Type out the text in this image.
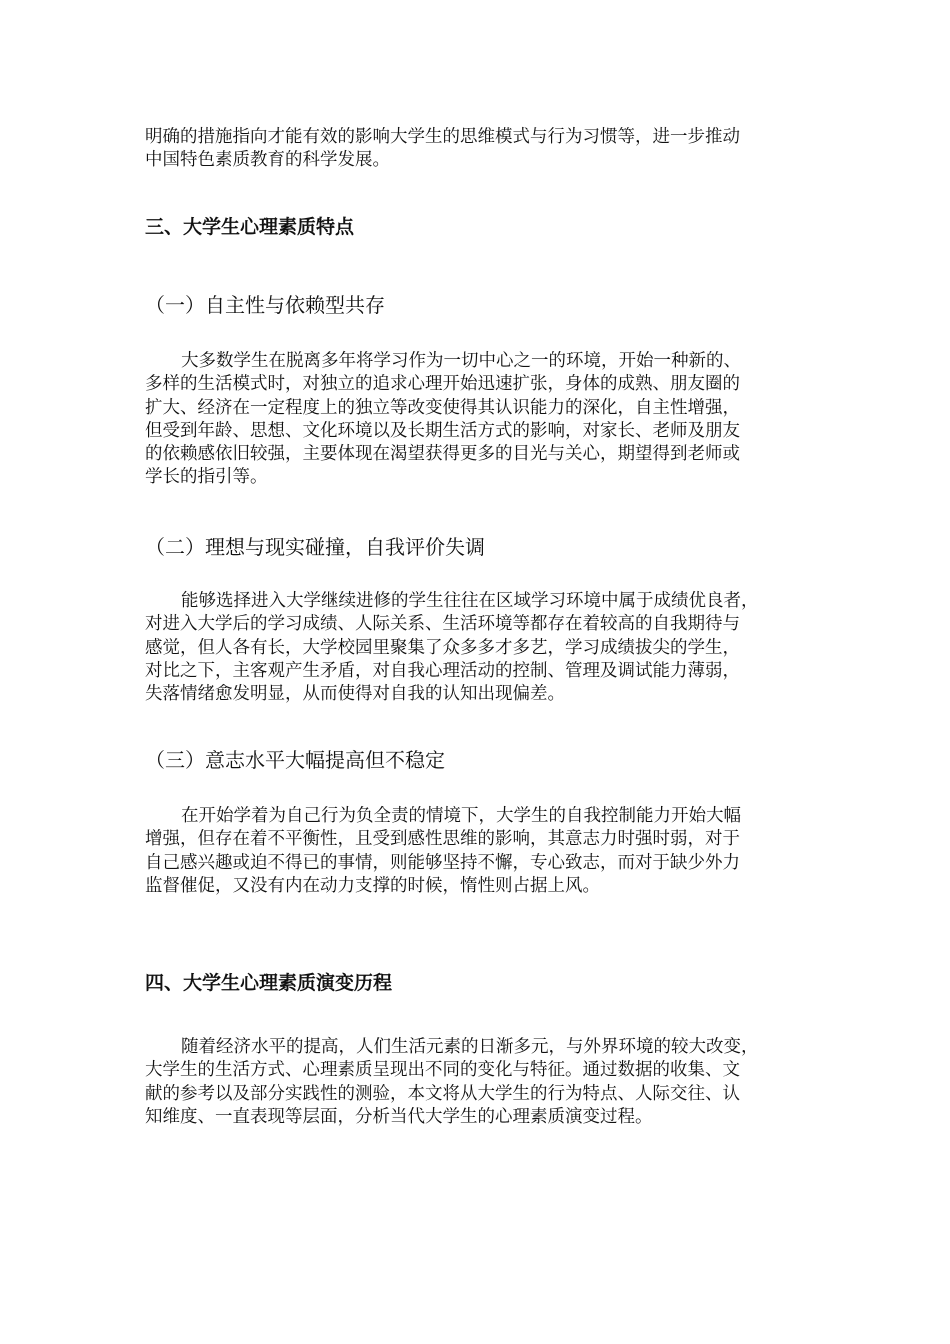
明确的措施指向才能有效的影响大学生的思维模式与行为习惯等，进一步推动
中国特色素质教育的科学发展。
三、大学生心理素质特点
（一）自主性与依赖型共存
大多数学生在脱离多年将学习作为一切中心之一的环境，开始一种新的、
多样的生活模式时，对独立的追求心理开始迅速扩张，身体的成熟、朋友圈的
扩大、经济在一定程度上的独立等改变使得其认识能力的深化，自主性增强，
但受到年龄、思想、文化环境以及长期生活方式的影响，对家长、老师及朋友
的依赖感依旧较强，主要体现在渴望获得更多的目光与关心，期望得到老师或
学长的指引等。
（二）理想与现实碰撞，自我评价失调
能够选择进入大学继续进修的学生往往在区域学习环境中属于成绩优良者，
对进入大学后的学习成绩、人际关系、生活环境等都存在着较高的自我期待与
感觉，但人各有长，大学校园里聚集了众多多才多艺，学习成绩拔尖的学生，
对比之下，主客观产生矛盾，对自我心理活动的控制、管理及调试能力薄弱，
失落情绪愈发明显，从而使得对自我的认知出现偏差。
（三）意志水平大幅提高但不稳定
在开始学着为自己行为负全责的情境下，大学生的自我控制能力开始大幅
增强，但存在着不平衡性，且受到感性思维的影响，其意志力时强时弱，对于
自己感兴趣或迫不得已的事情，则能够坚持不懈，专心致志，而对于缺少外力
监督催促，又没有内在动力支撑的时候，惰性则占据上风。
四、大学生心理素质演变历程
随着经济水平的提高，人们生活元素的日渐多元，与外界环境的较大改变，
大学生的生活方式、心理素质呈现出不同的变化与特征。通过数据的收集、文
献的参考以及部分实践性的测验，本文将从大学生的行为特点、人际交往、认
知维度、一直表现等层面，分析当代大学生的心理素质演变过程。
